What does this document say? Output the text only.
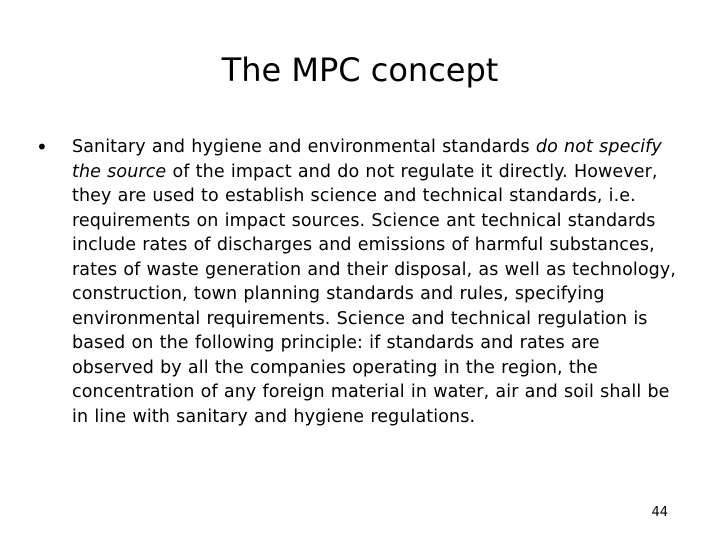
The MPC concept
• Sanitary and hygiene and environmental standards do not specify the source of the impact and do not regulate it directly. However, they are used to establish science and technical standards, i.e. requirements on impact sources. Science ant technical standards include rates of discharges and emissions of harmful substances, rates of waste generation and their disposal, as well as technology, construction, town planning standards and rules, specifying environmental requirements. Science and technical regulation is based on the following principle: if standards and rates are observed by all the companies operating in the region, the concentration of any foreign material in water, air and soil shall be in line with sanitary and hygiene regulations.
44
